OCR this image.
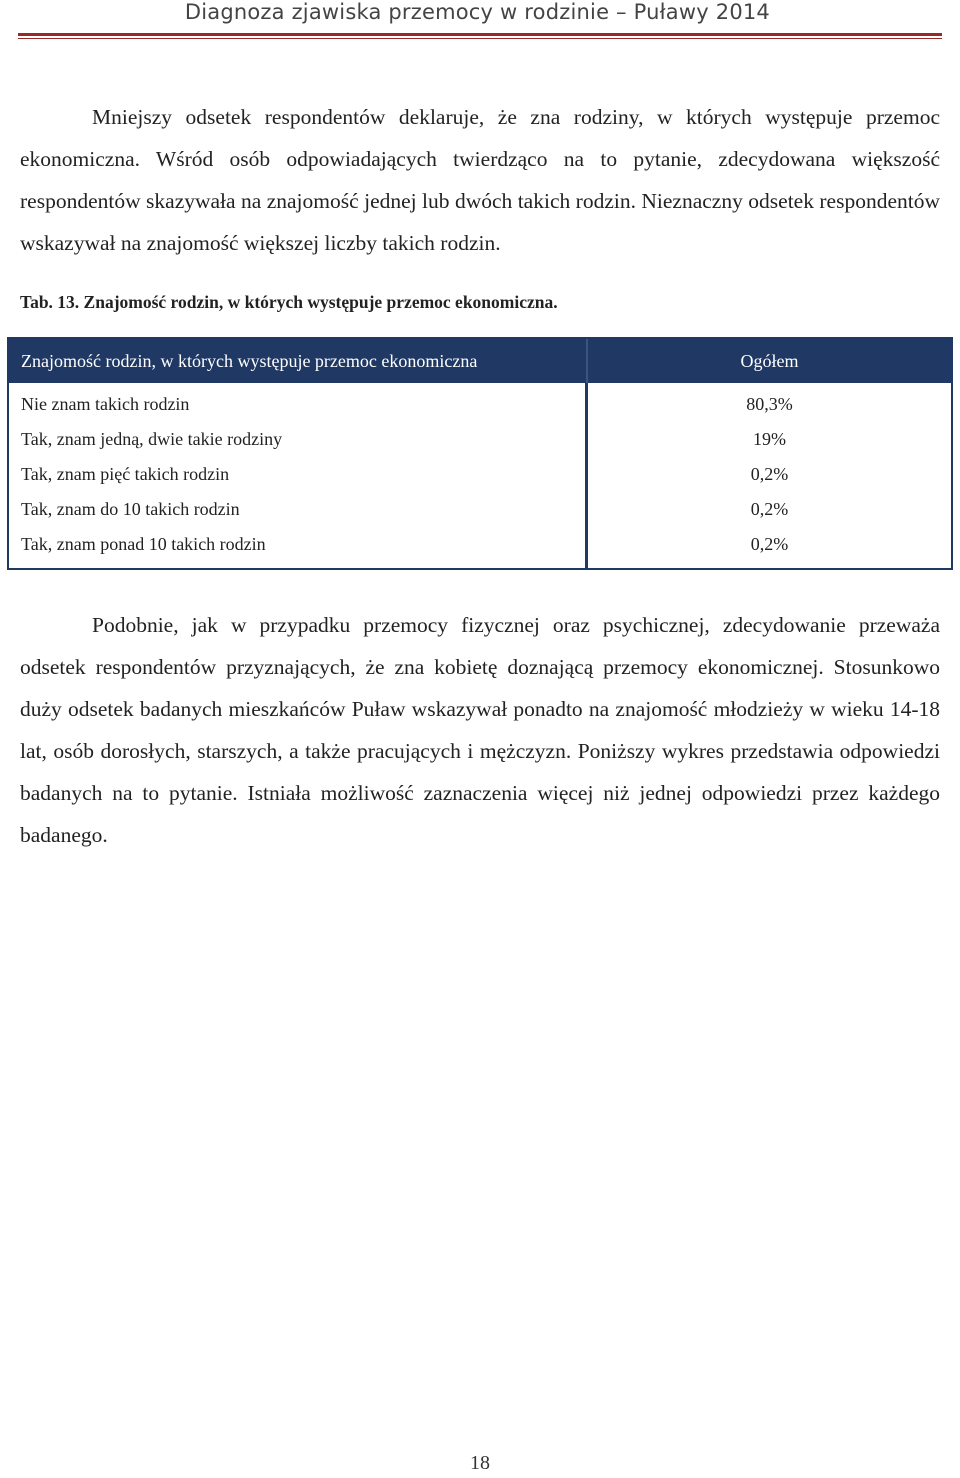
Diagnoza zjawiska przemocy w rodzinie – Puławy 2014
Mniejszy odsetek respondentów deklaruje, że zna rodziny, w których występuje przemoc ekonomiczna. Wśród osób odpowiadających twierdząco na to pytanie, zdecydowana większość respondentów skazywała na znajomość jednej lub dwóch takich rodzin. Nieznaczny odsetek respondentów wskazywał na znajomość większej liczby takich rodzin.
Tab. 13. Znajomość rodzin, w których występuje przemoc ekonomiczna.
Znajomość rodzin, w których występuje przemoc ekonomiczna	Ogółem
Nie znam takich rodzin
Tak, znam jedną, dwie takie rodziny
Tak, znam pięć takich rodzin
Tak, znam do 10 takich rodzin
Tak, znam ponad 10 takich rodzin
80,3%
19%
0,2%
0,2%
0,2%
Podobnie, jak w przypadku przemocy fizycznej oraz psychicznej, zdecydowanie przeważa odsetek respondentów przyznających, że zna kobietę doznającą przemocy ekonomicznej. Stosunkowo duży odsetek badanych mieszkańców Puław wskazywał ponadto na znajomość młodzieży w wieku 14-18 lat, osób dorosłych, starszych, a także pracujących i mężczyzn. Poniższy wykres przedstawia odpowiedzi badanych na to pytanie. Istniała możliwość zaznaczenia więcej niż jednej odpowiedzi przez każdego badanego.
18
